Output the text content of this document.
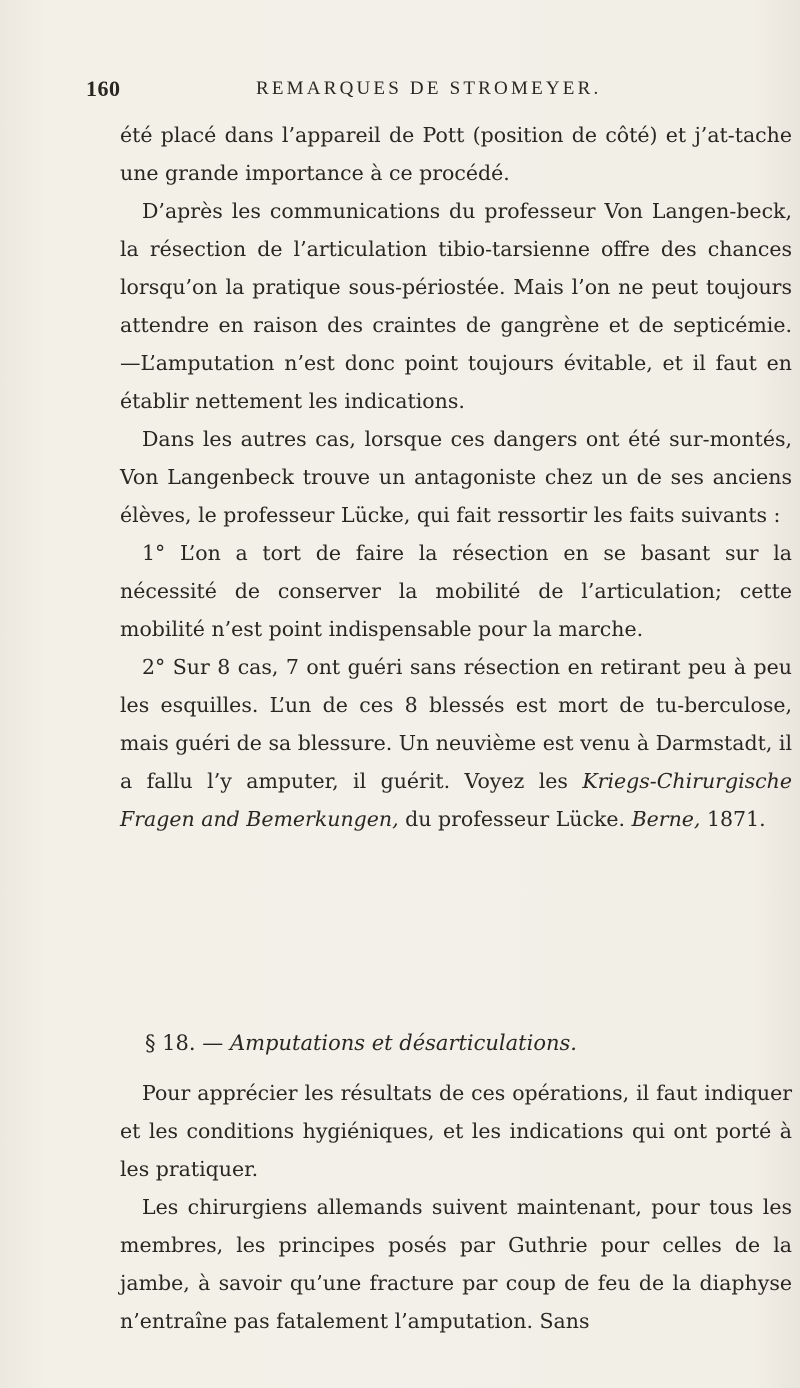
160	REMARQUES DE STROMEYER.

été placé dans l’appareil de Pott (position de côté) et j’at-tache une grande importance à ce procédé.

D’après les communications du professeur Von Langen-beck, la résection de l’articulation tibio-tarsienne offre des chances lorsqu’on la pratique sous-périostée. Mais l’on ne peut toujours attendre en raison des craintes de gangrène et de septicémie. —L’amputation n’est donc point toujours évitable, et il faut en établir nettement les indications.

Dans les autres cas, lorsque ces dangers ont été sur-montés, Von Langenbeck trouve un antagoniste chez un de ses anciens élèves, le professeur Lücke, qui fait ressortir les faits suivants :

1° L’on a tort de faire la résection en se basant sur la nécessité de conserver la mobilité de l’articulation; cette mobilité n’est point indispensable pour la marche.

2° Sur 8 cas, 7 ont guéri sans résection en retirant peu à peu les esquilles. L’un de ces 8 blessés est mort de tu-berculose, mais guéri de sa blessure. Un neuvième est venu à Darmstadt, il a fallu l’y amputer, il guérit. Voyez les Kriegs-Chirurgische Fragen and Bemerkungen, du professeur Lücke. Berne, 1871.

§ 18. — Amputations et désarticulations.

Pour apprécier les résultats de ces opérations, il faut indiquer et les conditions hygiéniques, et les indications qui ont porté à les pratiquer.

Les chirurgiens allemands suivent maintenant, pour tous les membres, les principes posés par Guthrie pour celles de la jambe, à savoir qu’une fracture par coup de feu de la diaphyse n’entraîne pas fatalement l’amputation. Sans
